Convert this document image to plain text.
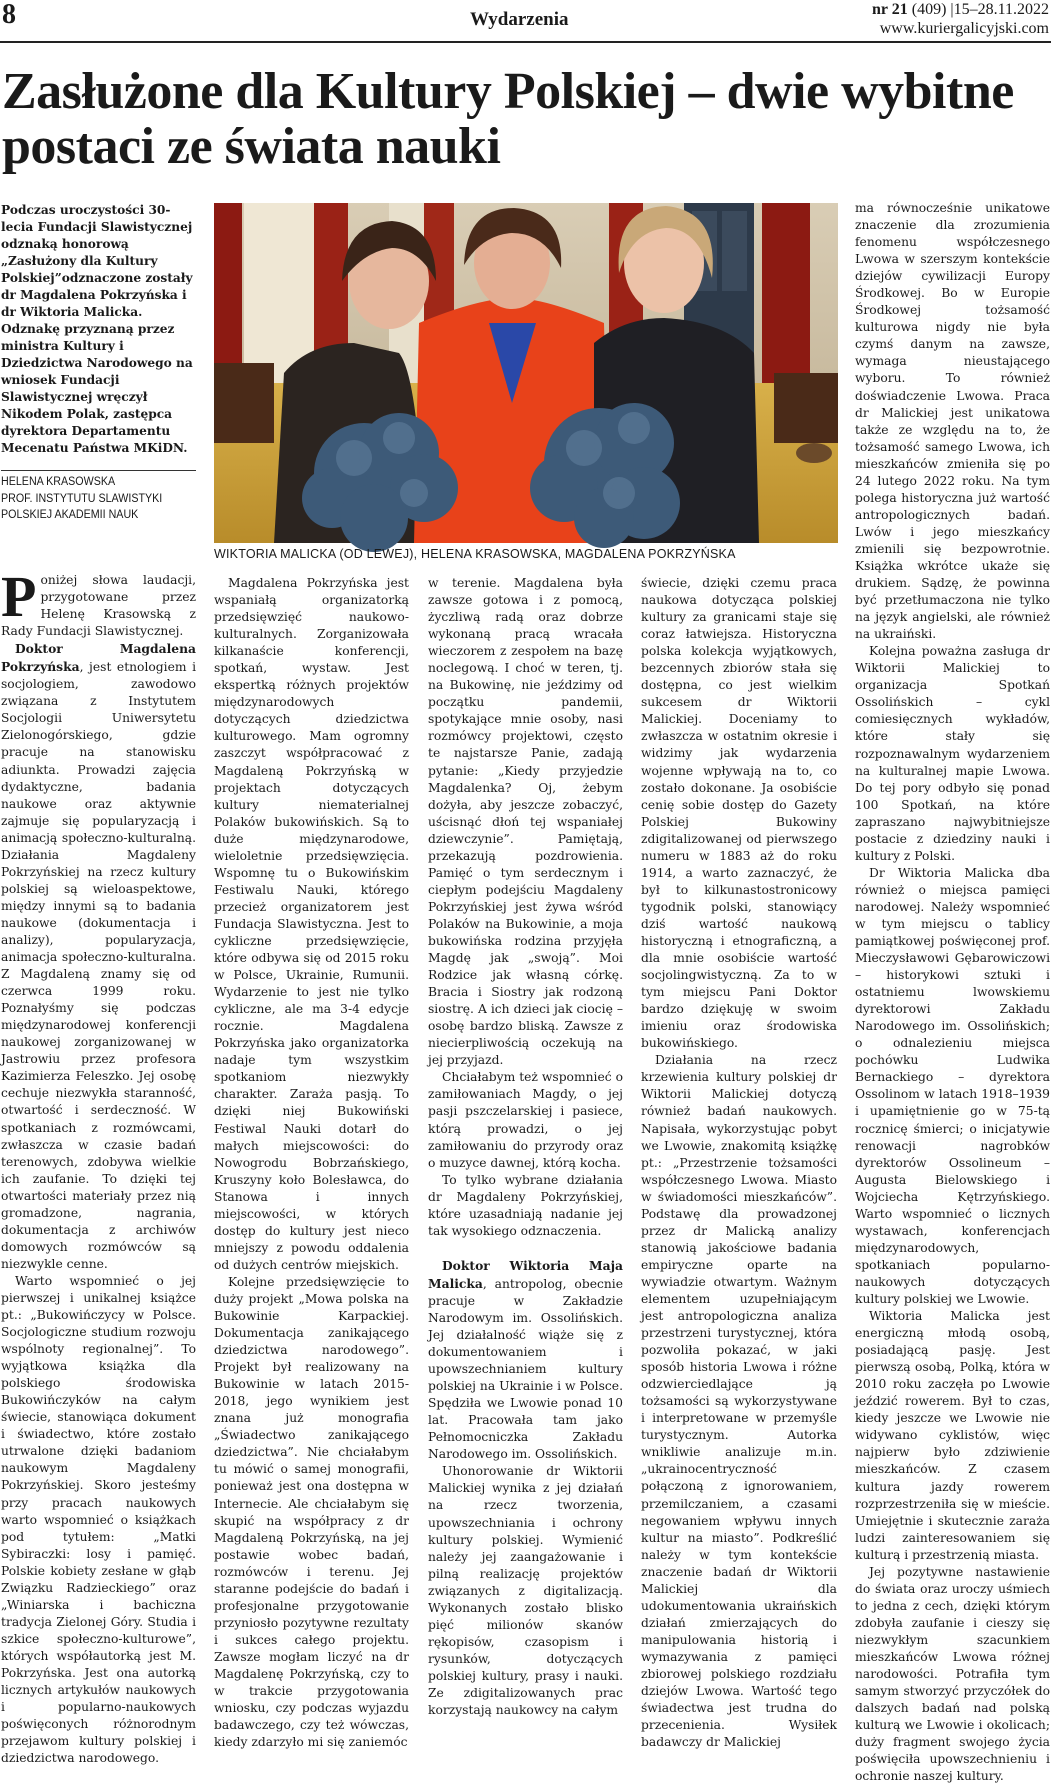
8	Wydarzenia	nr 21 (409) |15–28.11.2022
www.kuriergalicyjski.com
Zasłużone dla Kultury Polskiej – dwie wybitne postaci ze świata nauki
Podczas uroczystości 30-lecia Fundacji Slawistycznej odznaką honorową „Zasłużony dla Kultury Polskiej”odznaczone zostały dr Magdalena Pokrzyńska i dr Wiktoria Malicka. Odznakę przyznaną przez ministra Kultury i Dziedzictwa Narodowego na wniosek Fundacji Slawistycznej wręczył Nikodem Polak, zastępca dyrektora Departamentu Mecenatu Państwa MKiDN.
HELENA KRASOWSKA
PROF. INSTYTUTU SLAWISTYKI
POLSKIEJ AKADEMII NAUK
WIKTORIA MALICKA (OD LEWEJ), HELENA KRASOWSKA, MAGDALENA POKRZYŃSKA

Poniżej słowa laudacji, przygotowane przez Helenę Krasowską z Rady Fundacji Slawistycznej.

Doktor Magdalena Pokrzyńska, jest etnologiem i socjologiem, zawodowo związana z Instytutem Socjologii Uniwersytetu Zielonogórskiego, gdzie pracuje na stanowisku adiunkta. Prowadzi zajęcia dydaktyczne, badania naukowe oraz aktywnie zajmuje się popularyzacją i animacją społeczno-kulturalną. Działania Magdaleny Pokrzyńskiej na rzecz kultury polskiej są wieloaspektowe, między innymi są to badania naukowe (dokumentacja i analizy), popularyzacja, animacja społeczno-kulturalna. Z Magdaleną znamy się od czerwca 1999 roku. Poznałyśmy się podczas międzynarodowej konferencji naukowej zorganizowanej w Jastrowiu przez profesora Kazimierza Feleszko. Jej osobę cechuje niezwykła staranność, otwartość i serdeczność. W spotkaniach z rozmówcami, zwłaszcza w czasie badań terenowych, zdobywa wielkie ich zaufanie. To dzięki tej otwartości materiały przez nią gromadzone, nagrania, dokumentacja z archiwów domowych rozmówców są niezwykle cenne.

Warto wspomnieć o jej pierwszej i unikalnej książce pt.: „Bukowińczycy w Polsce. Socjologiczne studium rozwoju wspólnoty regionalnej”. To wyjątkowa książka dla polskiego środowiska Bukowińczyków na całym świecie, stanowiąca dokument i świadectwo, które zostało utrwalone dzięki badaniom naukowym Magdaleny Pokrzyńskiej. Skoro jesteśmy przy pracach naukowych warto wspomnieć o książkach pod tytułem: „Matki Sybiraczki: losy i pamięć. Polskie kobiety zesłane w głąb Związku Radzieckiego” oraz „Winiarska i bachiczna tradycja Zielonej Góry. Studia i szkice społeczno-kulturowe”, których współautorką jest M. Pokrzyńska. Jest ona autorką licznych artykułów naukowych i popularno-naukowych poświęconych różnorodnym przejawom kultury polskiej i dziedzictwa narodowego.

Magdalena Pokrzyńska jest wspaniałą organizatorką przedsięwzięć naukowo-kulturalnych. Zorganizowała kilkanaście konferencji, spotkań, wystaw. Jest ekspertką różnych projektów międzynarodowych dotyczących dziedzictwa kulturowego. Mam ogromny zaszczyt współpracować z Magdaleną Pokrzyńską w projektach dotyczących kultury niematerialnej Polaków bukowińskich. Są to duże międzynarodowe, wieloletnie przedsięwzięcia. Wspomnę tu o Bukowińskim Festiwalu Nauki, którego przecież organizatorem jest Fundacja Slawistyczna. Jest to cykliczne przedsięwzięcie, które odbywa się od 2015 roku w Polsce, Ukrainie, Rumunii. Wydarzenie to jest nie tylko cykliczne, ale ma 3-4 edycje rocznie. Magdalena Pokrzyńska jako organizatorka nadaje tym wszystkim spotkaniom niezwykły charakter. Zaraża pasją. To dzięki niej Bukowiński Festiwal Nauki dotarł do małych miejscowości: do Nowogrodu Bobrzańskiego, Kruszyny koło Bolesławca, do Stanowa i innych miejscowości, w których dostęp do kultury jest nieco mniejszy z powodu oddalenia od dużych centrów miejskich.

Kolejne przedsięwzięcie to duży projekt „Mowa polska na Bukowinie Karpackiej. Dokumentacja zanikającego dziedzictwa narodowego”. Projekt był realizowany na Bukowinie w latach 2015-2018, jego wynikiem jest znana już monografia „Świadectwo zanikającego dziedzictwa”. Nie chciałabym tu mówić o samej monografii, ponieważ jest ona dostępna w Internecie. Ale chciałabym się skupić na współpracy z dr Magdaleną Pokrzyńską, na jej postawie wobec badań, rozmówców i terenu. Jej staranne podejście do badań i profesjonalne przygotowanie przyniosło pozytywne rezultaty i sukces całego projektu. Zawsze mogłam liczyć na dr Magdalenę Pokrzyńską, czy to w trakcie przygotowania wniosku, czy podczas wyjazdu badawczego, czy też wówczas, kiedy zdarzyło mi się zaniemóc

w terenie. Magdalena była zawsze gotowa i z pomocą, życzliwą radą oraz dobrze wykonaną pracą wracała wieczorem z zespołem na bazę noclegową. I choć w teren, tj. na Bukowinę, nie jeździmy od początku pandemii, spotykające mnie osoby, nasi rozmówcy projektowi, często te najstarsze Panie, zadają pytanie: „Kiedy przyjedzie Magdalenka? Oj, żebym dożyła, aby jeszcze zobaczyć, uścisnąć dłoń tej wspaniałej dziewczynie”. Pamiętają, przekazują pozdrowienia. Pamięć o tym serdecznym i ciepłym podejściu Magdaleny Pokrzyńskiej jest żywa wśród Polaków na Bukowinie, a moja bukowińska rodzina przyjęła Magdę jak „swoją”. Moi Rodzice jak własną córkę. Bracia i Siostry jak rodzoną siostrę. A ich dzieci jak ciocię – osobę bardzo bliską. Zawsze z niecierpliwością oczekują na jej przyjazd.

Chciałabym też wspomnieć o zamiłowaniach Magdy, o jej pasji pszczelarskiej i pasiece, którą prowadzi, o jej zamiłowaniu do przyrody oraz o muzyce dawnej, którą kocha.

To tylko wybrane działania dr Magdaleny Pokrzyńskiej, które uzasadniają nadanie jej tak wysokiego odznaczenia.

Doktor Wiktoria Maja Malicka, antropolog, obecnie pracuje w Zakładzie Narodowym im. Ossolińskich. Jej działalność wiąże się z dokumentowaniem i upowszechnianiem kultury polskiej na Ukrainie i w Polsce. Spędziła we Lwowie ponad 10 lat. Pracowała tam jako Pełnomocniczka Zakładu Narodowego im. Ossolińskich.

Uhonorowanie dr Wiktorii Malickiej wynika z jej działań na rzecz tworzenia, upowszechniania i ochrony kultury polskiej. Wymienić należy jej zaangażowanie i pilną realizację projektów związanych z digitalizacją. Wykonanych zostało blisko pięć milionów skanów rękopisów, czasopism i rysunków, dotyczących polskiej kultury, prasy i nauki. Ze zdigitalizowanych prac korzystają naukowcy na całym

świecie, dzięki czemu praca naukowa dotycząca polskiej kultury za granicami staje się coraz łatwiejsza. Historyczna polska kolekcja wyjątkowych, bezcennych zbiorów stała się dostępna, co jest wielkim sukcesem dr Wiktorii Malickiej. Doceniamy to zwłaszcza w ostatnim okresie i widzimy jak wydarzenia wojenne wpływają na to, co zostało dokonane. Ja osobiście cenię sobie dostęp do Gazety Polskiej Bukowiny zdigitalizowanej od pierwszego numeru w 1883 aż do roku 1914, a warto zaznaczyć, że był to kilkunastostronicowy tygodnik polski, stanowiący dziś wartość naukową historyczną i etnograficzną, a dla mnie osobiście wartość socjolingwistyczną. Za to w tym miejscu Pani Doktor bardzo dziękuję w swoim imieniu oraz środowiska bukowińskiego.

Działania na rzecz krzewienia kultury polskiej dr Wiktorii Malickiej dotyczą również badań naukowych. Napisała, wykorzystując pobyt we Lwowie, znakomitą książkę pt.: „Przestrzenie tożsamości współczesnego Lwowa. Miasto w świadomości mieszkańców”. Podstawę dla prowadzonej przez dr Malicką analizy stanowią jakościowe badania empiryczne oparte na wywiadzie otwartym. Ważnym elementem uzupełniającym jest antropologiczna analiza przestrzeni turystycznej, która pozwoliła pokazać, w jaki sposób historia Lwowa i różne odzwierciedlające ją tożsamości są wykorzystywane i interpretowane w przemyśle turystycznym. Autorka wnikliwie analizuje m.in. „ukrainocentryczność połączoną z ignorowaniem, przemilczaniem, a czasami negowaniem wpływu innych kultur na miasto”. Podkreślić należy w tym kontekście znaczenie badań dr Wiktorii Malickiej dla udokumentowania ukraińskich działań zmierzających do manipulowania historią i wymazywania z pamięci zbiorowej polskiego rozdziału dziejów Lwowa. Wartość tego świadectwa jest trudna do przecenienia. Wysiłek badawczy dr Malickiej

ma równocześnie unikatowe znaczenie dla zrozumienia fenomenu współczesnego Lwowa w szerszym kontekście dziejów cywilizacji Europy Środkowej. Bo w Europie Środkowej tożsamość kulturowa nigdy nie była czymś danym na zawsze, wymaga nieustającego wyboru. To również doświadczenie Lwowa. Praca dr Malickiej jest unikatowa także ze względu na to, że tożsamość samego Lwowa, ich mieszkańców zmieniła się po 24 lutego 2022 roku. Na tym polega historyczna już wartość antropologicznych badań. Lwów i jego mieszkańcy zmienili się bezpowrotnie. Książka wkrótce ukaże się drukiem. Sądzę, że powinna być przetłumaczona nie tylko na język angielski, ale również na ukraiński.

Kolejna poważna zasługa dr Wiktorii Malickiej to organizacja Spotkań Ossolińskich – cykl comiesięcznych wykładów, które stały się rozpoznawalnym wydarzeniem na kulturalnej mapie Lwowa. Do tej pory odbyło się ponad 100 Spotkań, na które zapraszano najwybitniejsze postacie z dziedziny nauki i kultury z Polski.

Dr Wiktoria Malicka dba również o miejsca pamięci narodowej. Należy wspomnieć w tym miejscu o tablicy pamiątkowej poświęconej prof. Mieczysławowi Gębarowiczowi – historykowi sztuki i ostatniemu lwowskiemu dyrektorowi Zakładu Narodowego im. Ossolińskich; o odnalezieniu miejsca pochówku Ludwika Bernackiego – dyrektora Ossolinom w latach 1918–1939 i upamiętnienie go w 75-tą rocznicę śmierci; o inicjatywie renowacji nagrobków dyrektorów Ossolineum – Augusta Bielowskiego i Wojciecha Kętrzyńskiego. Warto wspomnieć o licznych wystawach, konferencjach międzynarodowych, spotkaniach popularno-naukowych dotyczących kultury polskiej we Lwowie.

Wiktoria Malicka jest energiczną młodą osobą, posiadającą pasję. Jest pierwszą osobą, Polką, która w 2010 roku zaczęła po Lwowie jeździć rowerem. Był to czas, kiedy jeszcze we Lwowie nie widywano cyklistów, więc najpierw było zdziwienie mieszkańców. Z czasem kultura jazdy rowerem rozprzestrzeniła się w mieście. Umiejętnie i skutecznie zaraża ludzi zainteresowaniem się kulturą i przestrzenią miasta.

Jej pozytywne nastawienie do świata oraz uroczy uśmiech to jedna z cech, dzięki którym zdobyła zaufanie i cieszy się niezwykłym szacunkiem mieszkańców Lwowa różnej narodowości. Potrafiła tym samym stworzyć przyczółek do dalszych badań nad polską kulturą we Lwowie i okolicach; duży fragment swojego życia poświęciła upowszechnieniu i ochronie naszej kultury.
